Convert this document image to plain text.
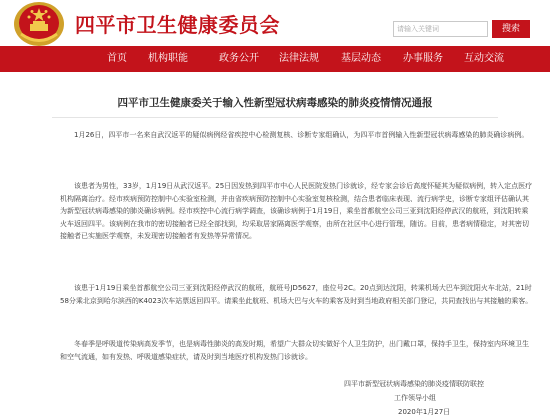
四平市卫生健康委员会
请输入关键词	搜索
首页 机构职能	政务公开 法律法规 基层动态 办事服务 互动交流
四平市卫生健康委关于输入性新型冠状病毒感染的肺炎疫情情况通报

1月26日，四平市一名来自武汉返平的疑似病例经省疾控中心检测复核、诊断专家组确认，为四平市首例输入性新型冠状病毒感染的肺炎确诊病例。

该患者为男性，33岁，1月19日从武汉返平。25日因发热到四平市中心人民医院发热门诊就诊，经专家会诊后高度怀疑其为疑似病例，转入定点医疗机构隔离治疗。经市疾病预防控制中心实验室检测，并由省疾病预防控制中心实验室复核检测，结合患者临床表现、流行病学史，诊断专家组评估确认其为新型冠状病毒感染的肺炎确诊病例。经市疾控中心流行病学调查，该确诊病例于1月19日，乘坐首都航空公司三亚到沈阳经停武汉的航班，到沈阳转乘火车返回四平。该病例在我市的密切接触者已经全部找到，均采取居家隔离医学观察，由所在社区中心进行管理，随访。目前，患者病情稳定，对其密切接触者已实施医学观察，未发现密切接触者有发热等异常情况。

该患于1月19日乘坐首都航空公司三亚到沈阳经停武汉的航班，航班号JD5627，座位号2C。20点到达沈阳，转乘机场大巴车到沈阳火车北站，21时58分乘北京到哈尔滨西的K4023次车站票返回四平。请乘坐此航班、机场大巴与火车的乘客及时到当地政府相关部门登记，共同查找出与其接触的乘客。

冬春季是呼吸道传染病高发季节，也是病毒性肺炎的高发时期，希望广大群众切实做好个人卫生防护，出门戴口罩，保持手卫生，保持室内环境卫生和空气流通，如有发热、呼吸道感染症状，请及时到当地医疗机构发热门诊就诊。

四平市新型冠状病毒感染的肺炎疫情联防联控
工作领导小组
2020年1月27日
